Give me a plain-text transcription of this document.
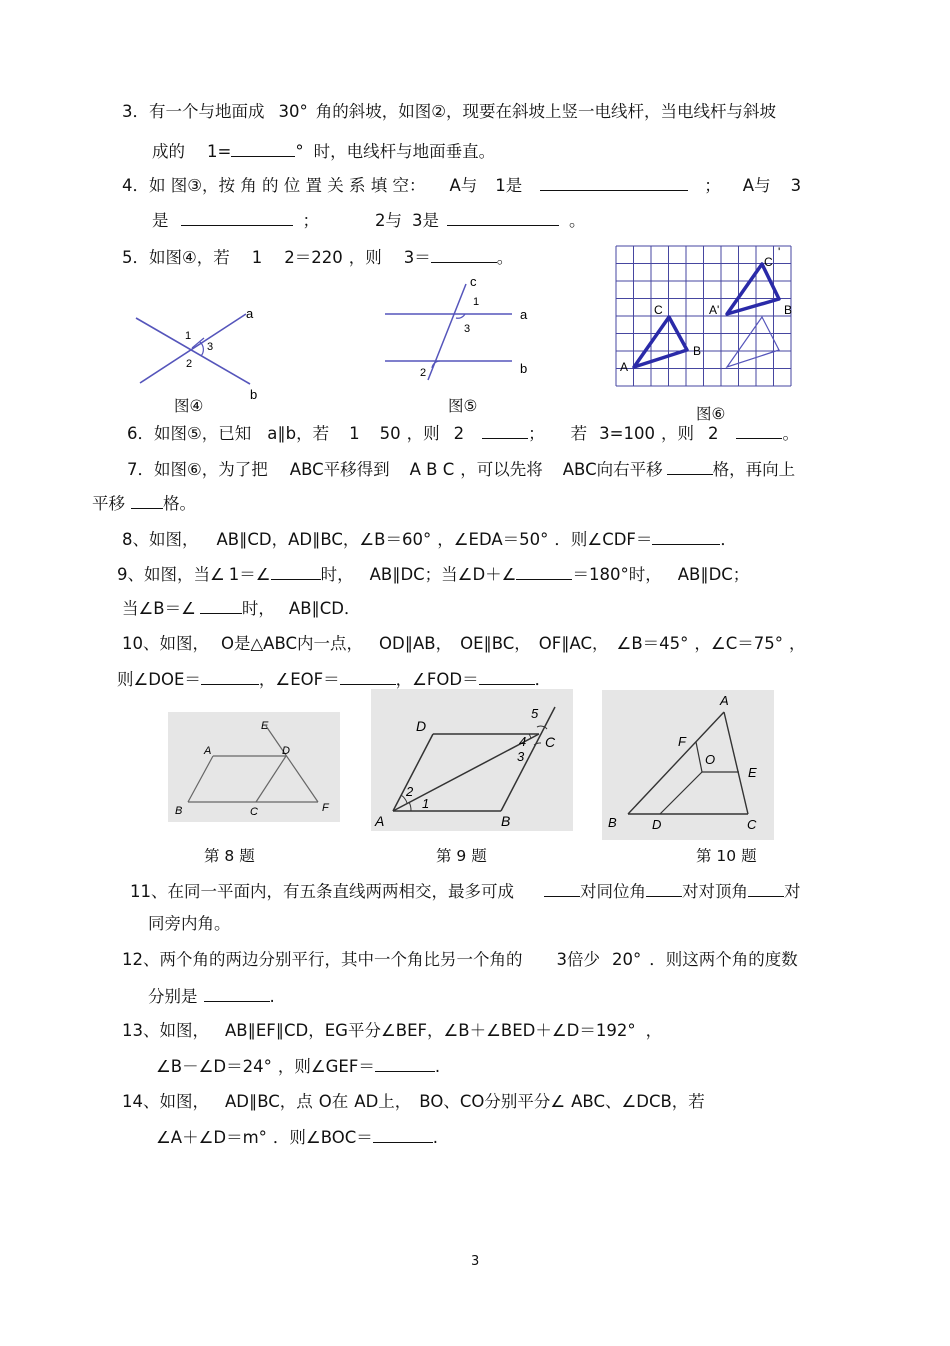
3．有一个与地面成 30° 角的斜坡，如图②，现要在斜坡上竖一电线杆，当电线杆与斜坡
成的 1=	° 时，电线杆与地面垂直。
4．如 图③，按 角 的 位 置 关 系 填 空： A与 1是	； A与 3
是	；	2与 3是	。
5．如图④，若 1 2＝220 ，则 3＝	。
a
1
3
2
b
图④
c
1
a
3
2	b
图⑤
C
C	A'	B
B
A
'
图⑥
6．如图⑤，已知 a∥b，若 1 50 ，则 2	； 若 3=100 ，则 2	。
7．如图⑥，为了把 ABC平移得到 A B C ，可以先将 ABC向右平移	格，再向上
平移 格。
8、如图， AB∥CD，AD∥BC，∠B＝60° ，∠EDA＝50° ．则∠CDF＝	．
9、如图，当∠ 1＝∠	时， AB∥DC；当∠D＋∠	＝180°时， AB∥DC；
当∠B＝∠	时， AB∥CD．
10、如图， O是△ABC内一点， OD∥AB， OE∥BC， OF∥AC， ∠B＝45° ，∠C＝75° ，
则∠DOE＝	，∠EOF＝	，∠FOD＝	．
E
A	D
B	C	F
第 8 题
D
5
4 C
3
2
1
A	B
第 9 题
A
F
O
E
B	D	C
第 10 题
11、在同一平面内，有五条直线两两相交，最多可成	对同位角 对对顶角 对
同旁内角。
12、两个角的两边分别平行，其中一个角比另一个角的 3倍少 20° ．则这两个角的度数
分别是	.
13、如图， AB∥EF∥CD，EG平分∠BEF，∠B＋∠BED＋∠D＝192° ，
∠B－∠D＝24° ，则∠GEF＝	.
14、如图， AD∥BC，点 O在 AD上， BO、CO分别平分∠ ABC、∠DCB，若
∠A＋∠D＝m° ．则∠BOC＝	.
3
